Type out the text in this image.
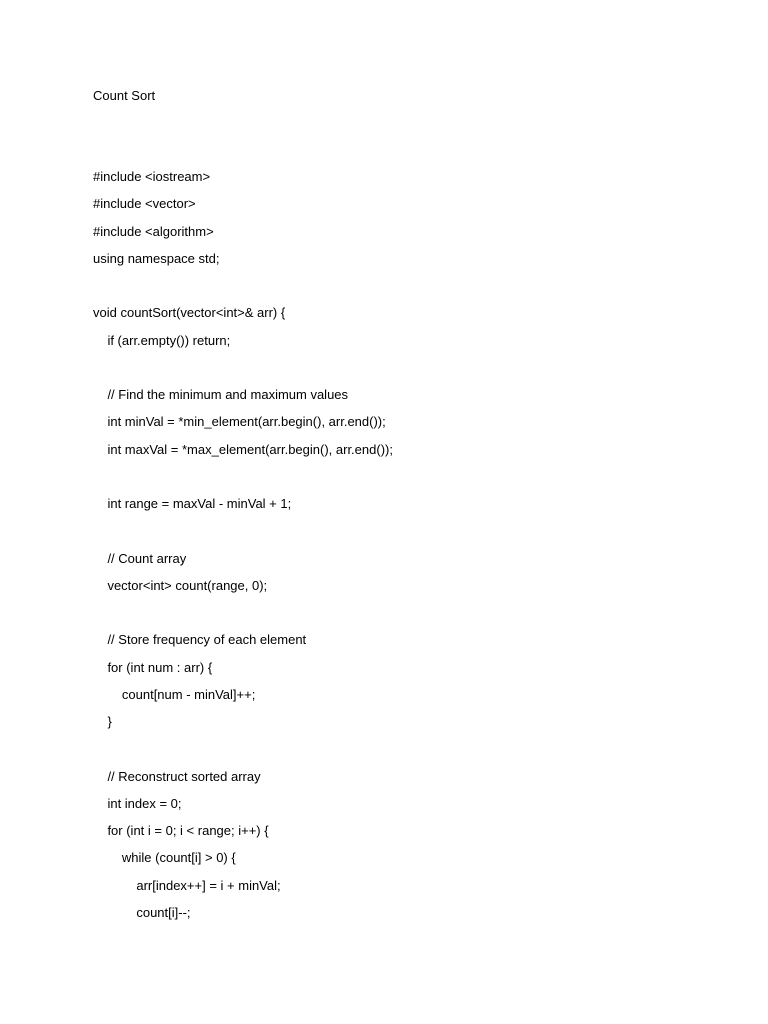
Count Sort
#include <iostream>
#include <vector>
#include <algorithm>
using namespace std;
void countSort(vector<int>& arr) {
if (arr.empty()) return;
// Find the minimum and maximum values
int minVal = *min_element(arr.begin(), arr.end());
int maxVal = *max_element(arr.begin(), arr.end());
int range = maxVal - minVal + 1;
// Count array
vector<int> count(range, 0);
// Store frequency of each element
for (int num : arr) {
count[num - minVal]++;
}
// Reconstruct sorted array
int index = 0;
for (int i = 0; i < range; i++) {
while (count[i] > 0) {
arr[index++] = i + minVal;
count[i]--;
